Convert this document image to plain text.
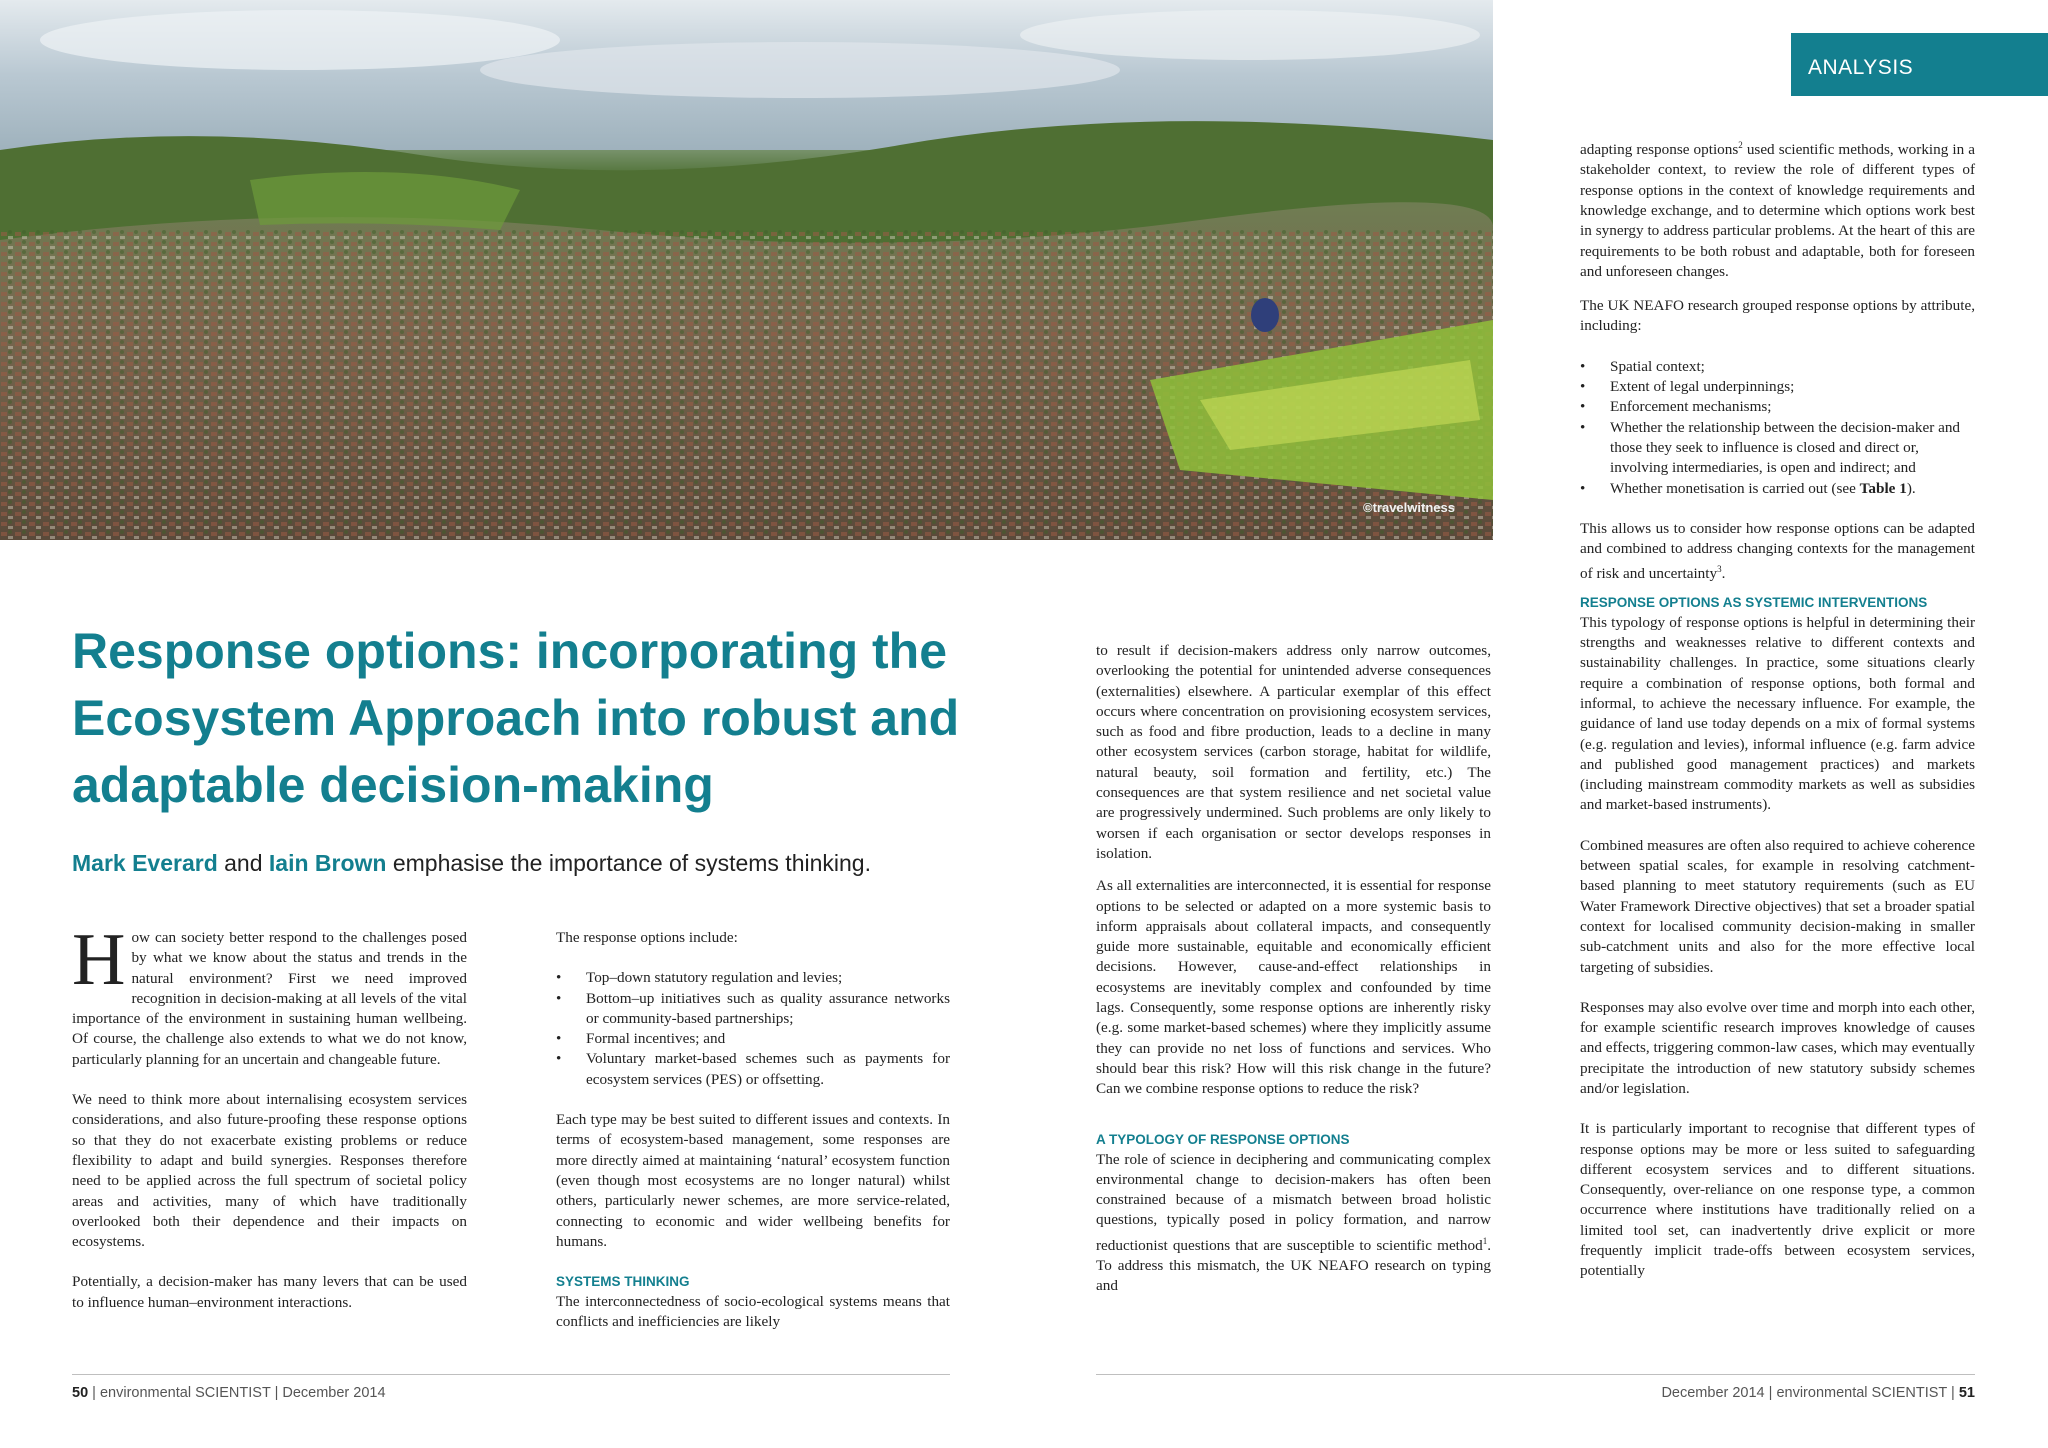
©travelwitness
ANALYSIS
Response options: incorporating the Ecosystem Approach into robust and adaptable decision-making
Mark Everard and Iain Brown emphasise the importance of systems thinking.

How can society better respond to the challenges posed by what we know about the status and trends in the natural environment? First we need improved recognition in decision-making at all levels of the vital importance of the environment in sustaining human wellbeing. Of course, the challenge also extends to what we do not know, particularly planning for an uncertain and changeable future.

We need to think more about internalising ecosystem services considerations, and also future-proofing these response options so that they do not exacerbate existing problems or reduce flexibility to adapt and build synergies. Responses therefore need to be applied across the full spectrum of societal policy areas and activities, many of which have traditionally overlooked both their dependence and their impacts on ecosystems.

Potentially, a decision-maker has many levers that can be used to influence human–environment interactions.

The response options include:

• Top–down statutory regulation and levies;
• Bottom–up initiatives such as quality assurance networks or community-based partnerships;
• Formal incentives; and
• Voluntary market-based schemes such as payments for ecosystem services (PES) or offsetting.

Each type may be best suited to different issues and contexts. In terms of ecosystem-based management, some responses are more directly aimed at maintaining ‘natural’ ecosystem function (even though most ecosystems are no longer natural) whilst others, particularly newer schemes, are more service-related, connecting to economic and wider wellbeing benefits for humans.

SYSTEMS THINKING

The interconnectedness of socio-ecological systems means that conflicts and inefficiencies are likely

to result if decision-makers address only narrow outcomes, overlooking the potential for unintended adverse consequences (externalities) elsewhere. A particular exemplar of this effect occurs where concentration on provisioning ecosystem services, such as food and fibre production, leads to a decline in many other ecosystem services (carbon storage, habitat for wildlife, natural beauty, soil formation and fertility, etc.) The consequences are that system resilience and net societal value are progressively undermined. Such problems are only likely to worsen if each organisation or sector develops responses in isolation.

As all externalities are interconnected, it is essential for response options to be selected or adapted on a more systemic basis to inform appraisals about collateral impacts, and consequently guide more sustainable, equitable and economically efficient decisions. However, cause-and-effect relationships in ecosystems are inevitably complex and confounded by time lags. Consequently, some response options are inherently risky (e.g. some market-based schemes) where they implicitly assume they can provide no net loss of functions and services. Who should bear this risk? How will this risk change in the future? Can we combine response options to reduce the risk?

A TYPOLOGY OF RESPONSE OPTIONS

The role of science in deciphering and communicating complex environmental change to decision-makers has often been constrained because of a mismatch between broad holistic questions, typically posed in policy formation, and narrow reductionist questions that are susceptible to scientific method$^1$. To address this mismatch, the UK NEAFO research on typing and

adapting response options$^2$ used scientific methods, working in a stakeholder context, to review the role of different types of response options in the context of knowledge requirements and knowledge exchange, and to determine which options work best in synergy to address particular problems. At the heart of this are requirements to be both robust and adaptable, both for foreseen and unforeseen changes.

The UK NEAFO research grouped response options by attribute, including:

• Spatial context;
• Extent of legal underpinnings;
• Enforcement mechanisms;
• Whether the relationship between the decision-maker and those they seek to influence is closed and direct or, involving intermediaries, is open and indirect; and
• Whether monetisation is carried out (see Table 1).

This allows us to consider how response options can be adapted and combined to address changing contexts for the management of risk and uncertainty$^3$.

RESPONSE OPTIONS AS SYSTEMIC INTERVENTIONS

This typology of response options is helpful in determining their strengths and weaknesses relative to different contexts and sustainability challenges. In practice, some situations clearly require a combination of response options, both formal and informal, to achieve the necessary influence. For example, the guidance of land use today depends on a mix of formal systems (e.g. regulation and levies), informal influence (e.g. farm advice and published good management practices) and markets (including mainstream commodity markets as well as subsidies and market-based instruments).

Combined measures are often also required to achieve coherence between spatial scales, for example in resolving catchment-based planning to meet statutory requirements (such as EU Water Framework Directive objectives) that set a broader spatial context for localised community decision-making in smaller sub-catchment units and also for the more effective local targeting of subsidies.

Responses may also evolve over time and morph into each other, for example scientific research improves knowledge of causes and effects, triggering common-law cases, which may eventually precipitate the introduction of new statutory subsidy schemes and/or legislation.

It is particularly important to recognise that different types of response options may be more or less suited to safeguarding different ecosystem services and to different situations. Consequently, over-reliance on one response type, a common occurrence where institutions have traditionally relied on a limited tool set, can inadvertently drive explicit or more frequently implicit trade-offs between ecosystem services, potentially

50 | environmental SCIENTIST | December 2014	December 2014 | environmental SCIENTIST | 51
